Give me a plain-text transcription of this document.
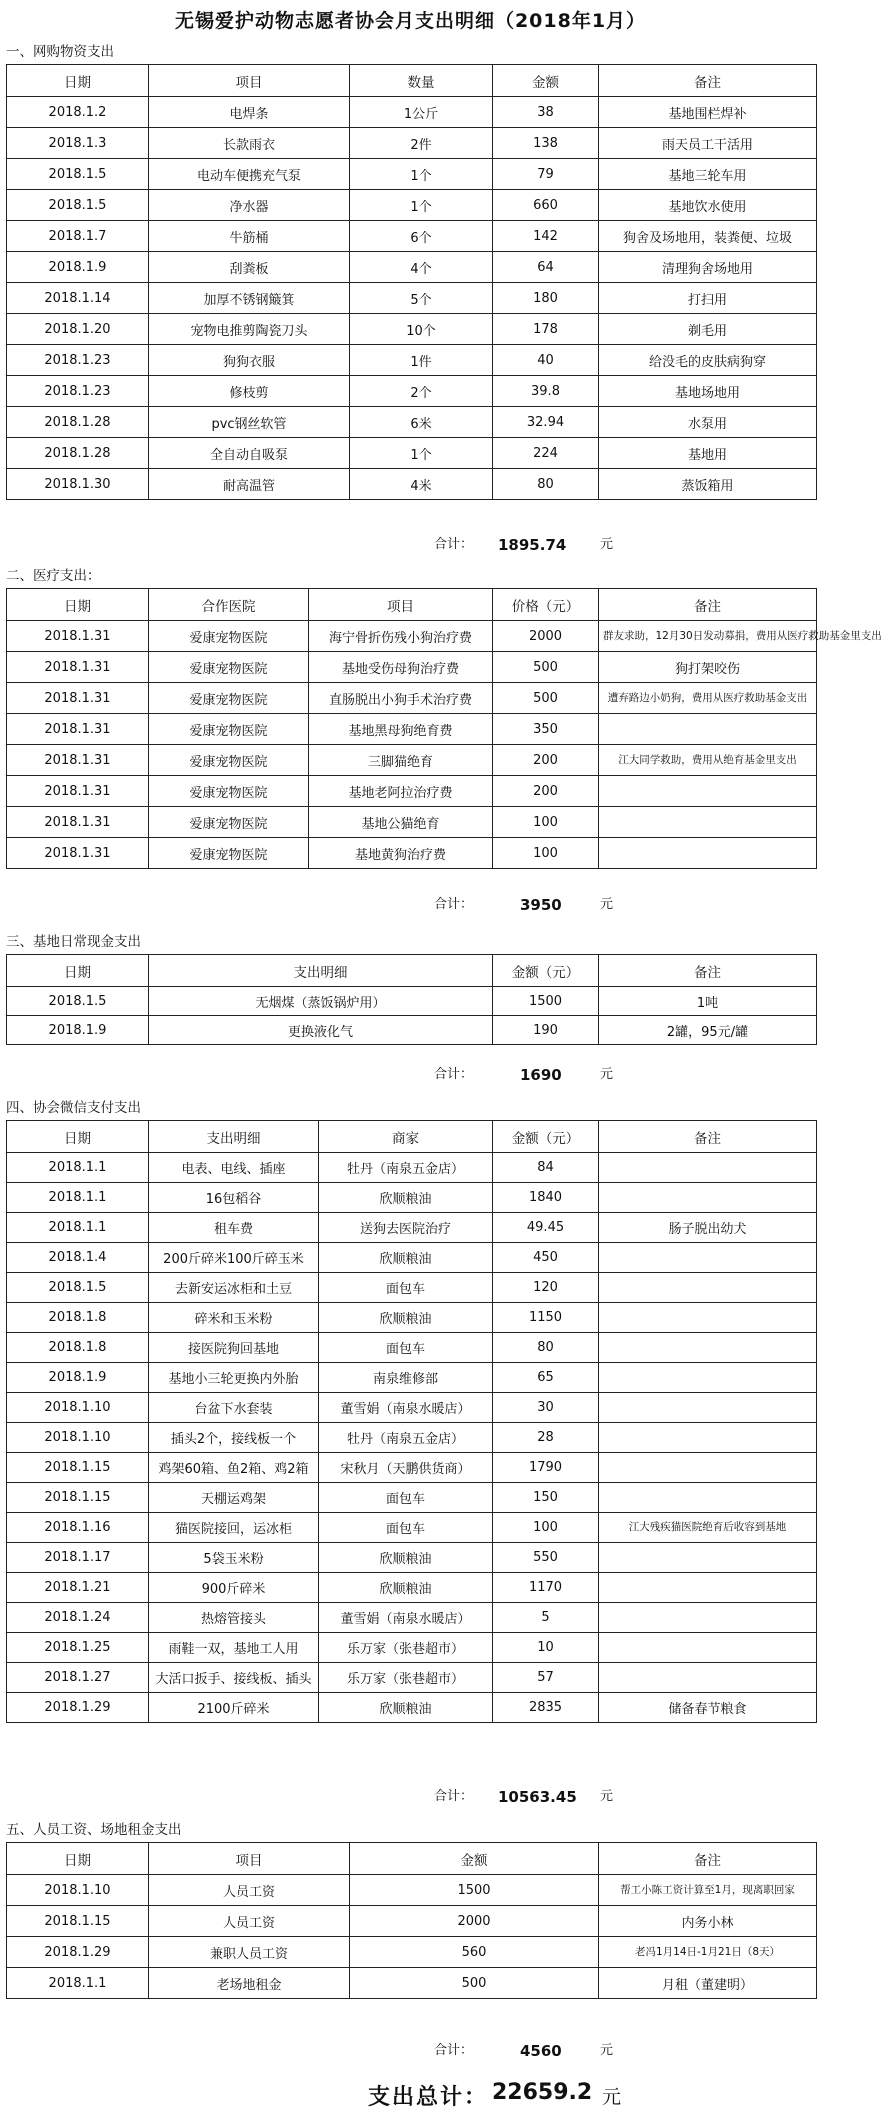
无锡爱护动物志愿者协会月支出明细（2018年1月）
一、网购物资支出
日期	项目	数量	金额	备注
2018.1.2	电焊条	1公斤	38	基地围栏焊补
2018.1.3	长款雨衣	2件	138	雨天员工干活用
2018.1.5	电动车便携充气泵	1个	79	基地三轮车用
2018.1.5	净水器	1个	660	基地饮水使用
2018.1.7	牛筋桶	6个	142	狗舍及场地用，装粪便、垃圾
2018.1.9	刮粪板	4个	64	清理狗舍场地用
2018.1.14	加厚不锈钢簸箕	5个	180	打扫用
2018.1.20	宠物电推剪陶瓷刀头	10个	178	剃毛用
2018.1.23	狗狗衣服	1件	40	给没毛的皮肤病狗穿
2018.1.23	修枝剪	2个	39.8	基地场地用
2018.1.28	pvc钢丝软管	6米	32.94	水泵用
2018.1.28	全自动自吸泵	1个	224	基地用
2018.1.30	耐高温管	4米	80	蒸饭箱用
合计： 1895.74	元
二、医疗支出：
日期	合作医院	项目	价格（元）	备注
2018.1.31	爱康宠物医院	海宁骨折伤残小狗治疗费	2000	群友求助，12月30日发动募捐，费用从医疗救助基金里支出
2018.1.31	爱康宠物医院	基地受伤母狗治疗费	500	狗打架咬伤
2018.1.31	爱康宠物医院	直肠脱出小狗手术治疗费	500	遭弃路边小奶狗，费用从医疗救助基金支出
2018.1.31	爱康宠物医院	基地黑母狗绝育费	350	
2018.1.31	爱康宠物医院	三脚猫绝育	200	江大同学救助，费用从绝育基金里支出
2018.1.31	爱康宠物医院	基地老阿拉治疗费	200	
2018.1.31	爱康宠物医院	基地公猫绝育	100	
2018.1.31	爱康宠物医院	基地黄狗治疗费	100	
合计：	3950	元
三、基地日常现金支出
日期	支出明细	金额（元）	备注
2018.1.5	无烟煤（蒸饭锅炉用）	1500	1吨
2018.1.9	更换液化气	190	2罐，95元/罐
合计：	1690	元
四、协会微信支付支出
日期	支出明细	商家	金额（元）	备注
2018.1.1	电表、电线、插座	牡丹（南泉五金店）	84	
2018.1.1	16包稻谷	欣顺粮油	1840	
2018.1.1	租车费	送狗去医院治疗	49.45	肠子脱出幼犬
2018.1.4	200斤碎米100斤碎玉米	欣顺粮油	450	
2018.1.5	去新安运冰柜和土豆	面包车	120	
2018.1.8	碎米和玉米粉	欣顺粮油	1150	
2018.1.8	接医院狗回基地	面包车	80	
2018.1.9	基地小三轮更换内外胎	南泉维修部	65	
2018.1.10	台盆下水套装	董雪娟（南泉水暖店）	30	
2018.1.10	插头2个，接线板一个	牡丹（南泉五金店）	28	
2018.1.15	鸡架60箱、鱼2箱、鸡2箱	宋秋月（天鹏供货商）	1790	
2018.1.15	天棚运鸡架	面包车	150	
2018.1.16	猫医院接回，运冰柜	面包车	100	江大残疾猫医院绝育后收容到基地
2018.1.17	5袋玉米粉	欣顺粮油	550	
2018.1.21	900斤碎米	欣顺粮油	1170	
2018.1.24	热熔管接头	董雪娟（南泉水暖店）	5	
2018.1.25	雨鞋一双，基地工人用	乐万家（张巷超市）	10	
2018.1.27	大活口扳手、接线板、插头	乐万家（张巷超市）	57	
2018.1.29	2100斤碎米	欣顺粮油	2835	储备春节粮食
合计： 10563.45 元
五、人员工资、场地租金支出
日期	项目	金额	备注
2018.1.10	人员工资	1500	帮工小陈工资计算至1月，现离职回家
2018.1.15	人员工资	2000	内务小林
2018.1.29	兼职人员工资	560	老冯1月14日-1月21日（8天）
2018.1.1	老场地租金	500	月租（董建明）
合计：	4560	元
支出总计： 22659.2 元
